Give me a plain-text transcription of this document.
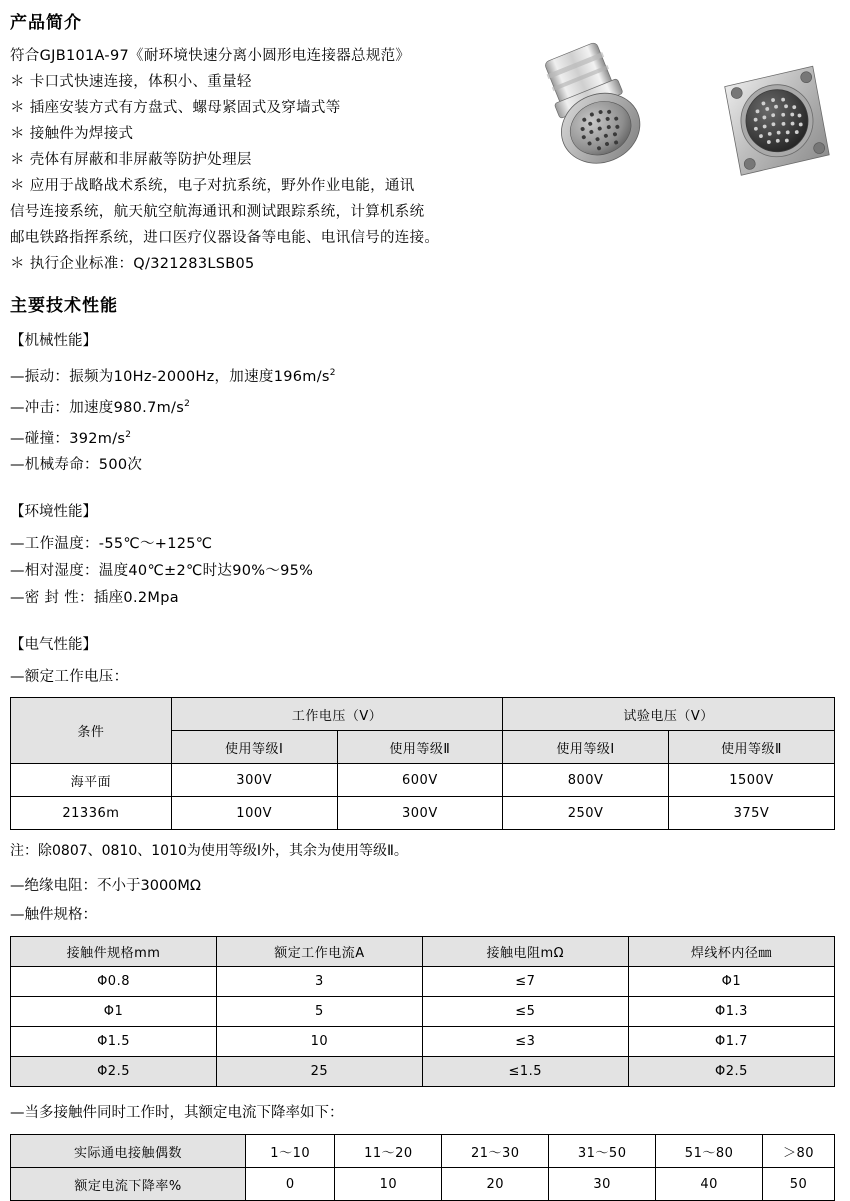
产品简介

符合GJB101A-97《耐环境快速分离小圆形电连接器总规范》

＊ 卡口式快速连接，体积小、重量轻

＊ 插座安装方式有方盘式、螺母紧固式及穿墙式等

＊ 接触件为焊接式

＊ 壳体有屏蔽和非屏蔽等防护处理层

＊ 应用于战略战术系统，电子对抗系统，野外作业电能，通讯

信号连接系统，航天航空航海通讯和测试跟踪系统，计算机系统

邮电铁路指挥系统，进口医疗仪器设备等电能、电讯信号的连接。

＊ 执行企业标准：Q/321283LSB05

主要技术性能

【机械性能】

—振动：振频为10Hz-2000Hz，加速度$196m/s^2$

—冲击：加速度$980.7m/s^2$

—碰撞：$392m/s^2$

—机械寿命：500次

【环境性能】

—工作温度：-55℃～+125℃

—相对湿度：温度40℃±2℃时达90%～95%

—密 封 性：插座0.2Mpa

【电气性能】

—额定工作电压：

条件	工作电压（V）		试验电压（V）	
	使用等级Ⅰ	使用等级Ⅱ	使用等级Ⅰ	使用等级Ⅱ
海平面	300V	600V	800V	1500V
21336m	100V	300V	250V	375V

注：除0807、0810、1010为使用等级Ⅰ外，其余为使用等级Ⅱ。

—绝缘电阻：不小于3000MΩ

—触件规格：

接触件规格mm	额定工作电流A	接触电阻mΩ	焊线杯内径㎜
Φ0.8	3	≤7	Φ1
Φ1	5	≤5	Φ1.3
Φ1.5	10	≤3	Φ1.7
Φ2.5	25	≤1.5	Φ2.5

—当多接触件同时工作时，其额定电流下降率如下：

实际通电接触偶数	1～10	11～20	21～30	31～50	51～80	＞80
额定电流下降率%	0	10	20	30	40	50
